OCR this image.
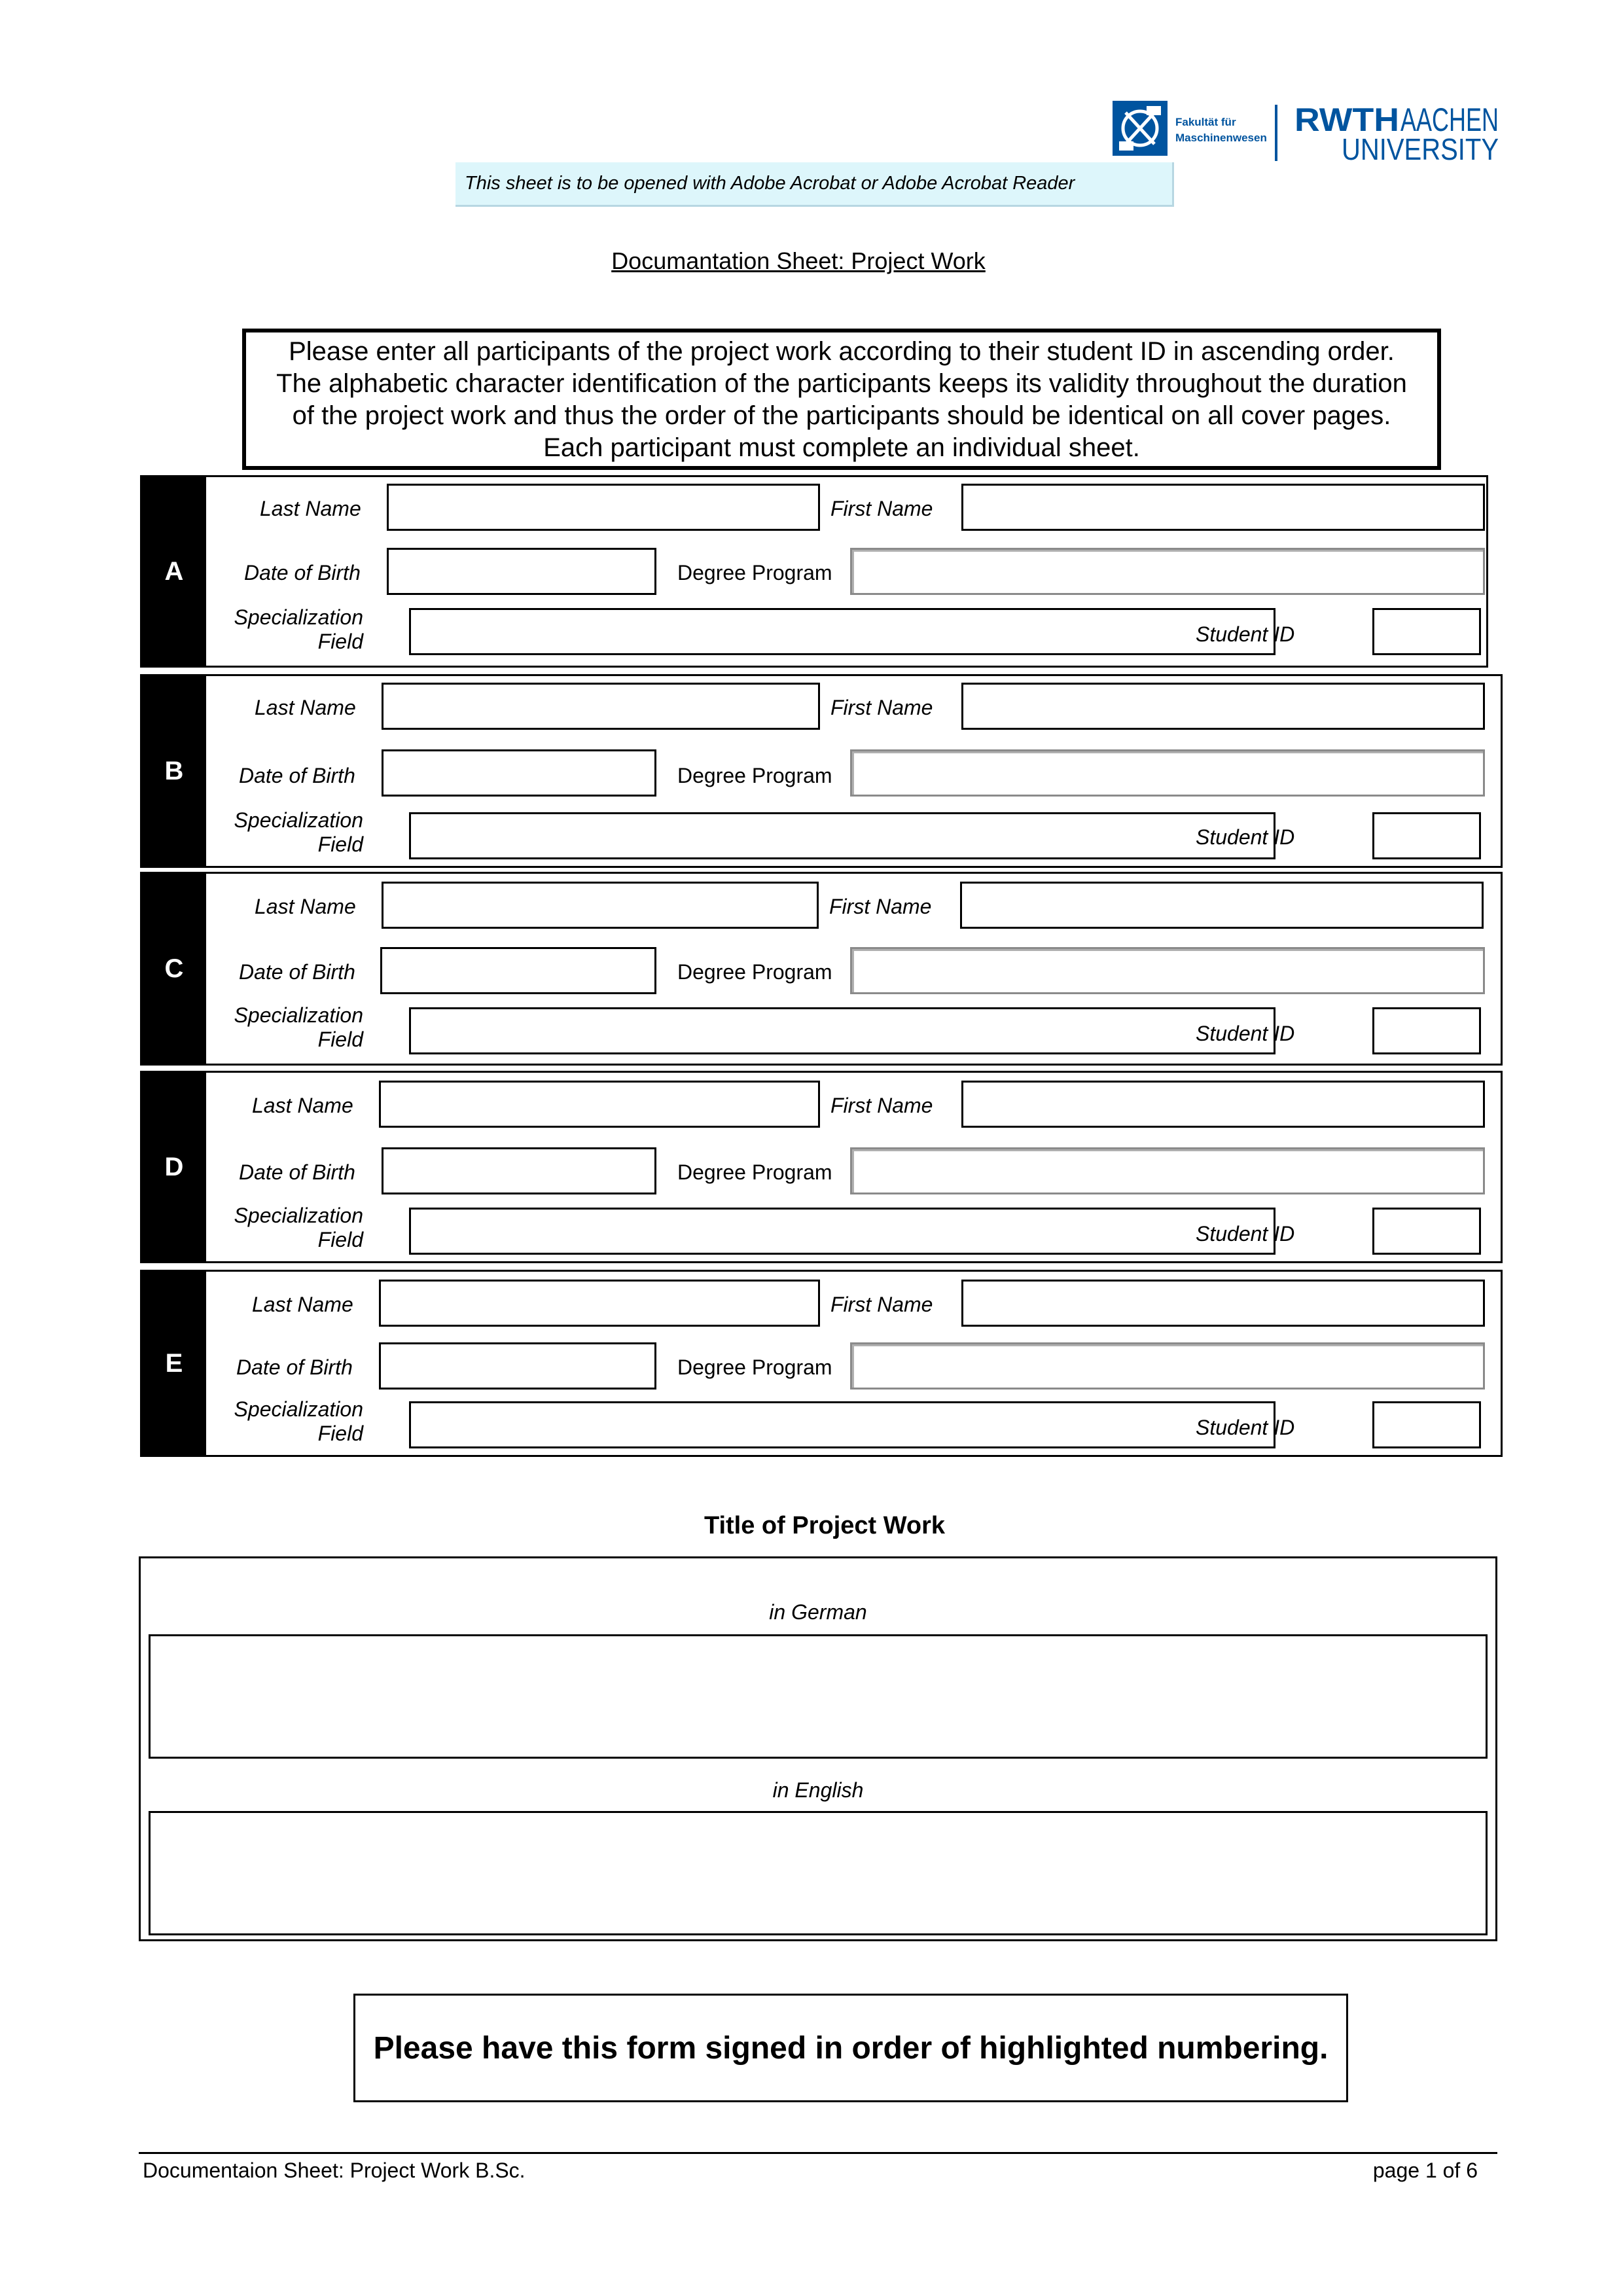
Fakultät für
Maschinenwesen RWTH AACHEN
UNIVERSITY
This sheet is to be opened with Adobe Acrobat or Adobe Acrobat Reader
Documantation Sheet: Project Work
Please enter all participants of the project work according to their student ID in ascending order.
The alphabetic character identification of the participants keeps its validity throughout the duration
of the project work and thus the order of the participants should be identical on all cover pages.
Each participant must complete an individual sheet.
A
Last Name	First Name
Date of Birth	Degree Program
Specialization
Field	Student ID
B
Last Name	First Name
Date of Birth	Degree Program
Specialization
Field	Student ID
C
Last Name	First Name
Date of Birth	Degree Program
Specialization
Field	Student ID
D
Last Name	First Name
Date of Birth	Degree Program
Specialization
Field	Student ID
E
Last Name	First Name
Date of Birth	Degree Program
Specialization
Field	Student ID
Title of Project Work
in German
in English
Please have this form signed in order of highlighted numbering.
Documentaion Sheet: Project Work B.Sc.	page 1 of 6
